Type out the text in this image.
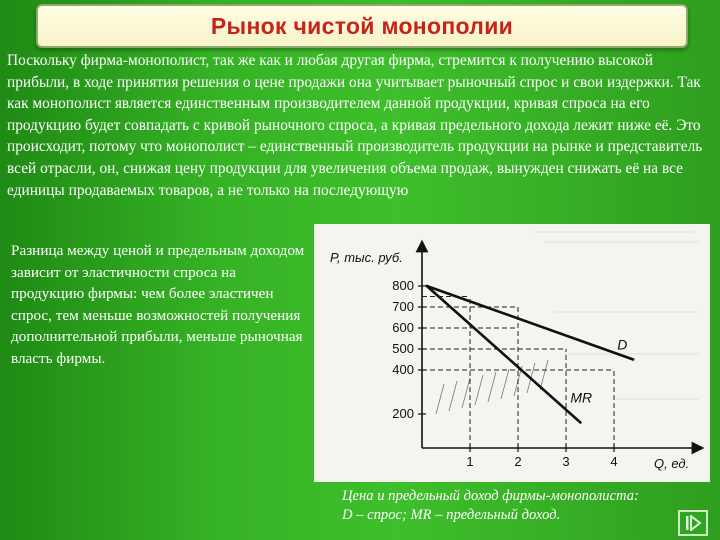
Рынок чистой монополии

Поскольку фирма-монополист, так же как и любая другая фирма, стремится к получению высокой прибыли, в ходе принятия решения о цене продажи она учитывает рыночный спрос и свои издержки. Так как монополист является единственным производителем данной продукции, кривая спроса на его продукцию будет совпадать с кривой рыночного спроса, а кривая предельного дохода лежит ниже её. Это происходит, потому что монополист – единственный производитель продукции на рынке и представитель всей отрасли, он, снижая цену продукции для увеличения объема продаж, вынужден снижать её на все единицы продаваемых товаров, а не только на последующую

Разница между ценой и предельным доходом зависит от эластичности спроса на продукцию фирмы: чем более эластичен спрос, тем меньше возможностей получения дополнительной прибыли, меньше рыночная власть фирмы.

200
400
500
600
700
800
1	2	3	4
D
MR
P, тыс. руб.
Q, ед.

Цена и предельный доход фирмы-монополиста:
D – спрос; MR – предельный доход.
